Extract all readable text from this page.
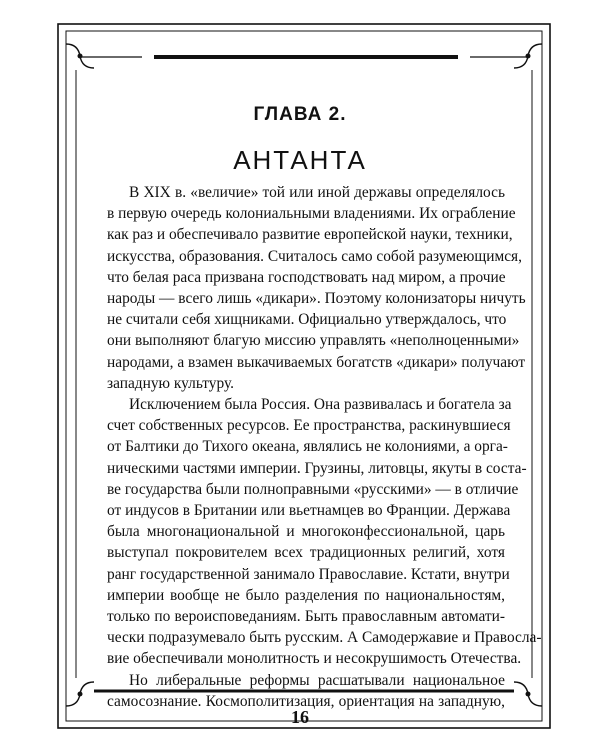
ГЛАВА 2.
АНТАНТА
В XIX в. «величие» той или иной державы определялось
в первую очередь колониальными владениями. Их ограбление
как раз и обеспечивало развитие европейской науки, техники,
искусства, образования. Считалось само собой разумеющимся,
что белая раса призвана господствовать над миром, а прочие
народы — всего лишь «дикари». Поэтому колонизаторы ничуть
не считали себя хищниками. Официально утверждалось, что
они выполняют благую миссию управлять «неполноценными»
народами, а взамен выкачиваемых богатств «дикари» получают
западную культуру.
Исключением была Россия. Она развивалась и богатела за
счет собственных ресурсов. Ее пространства, раскинувшиеся
от Балтики до Тихого океана, являлись не колониями, а орга-
ническими частями империи. Грузины, литовцы, якуты в соста-
ве государства были полноправными «русскими» — в отличие
от индусов в Британии или вьетнамцев во Франции. Держава
была многонациональной и многоконфессиональной, царь
выступал покровителем всех традиционных религий, хотя
ранг государственной занимало Православие. Кстати, внутри
империи вообще не было разделения по национальностям,
только по вероисповеданиям. Быть православным автомати-
чески подразумевало быть русским. А Самодержавие и Правосла-
вие обеспечивали монолитность и несокрушимость Отечества.
Но либеральные реформы расшатывали национальное
самосознание. Космополитизация, ориентация на западную,
16
